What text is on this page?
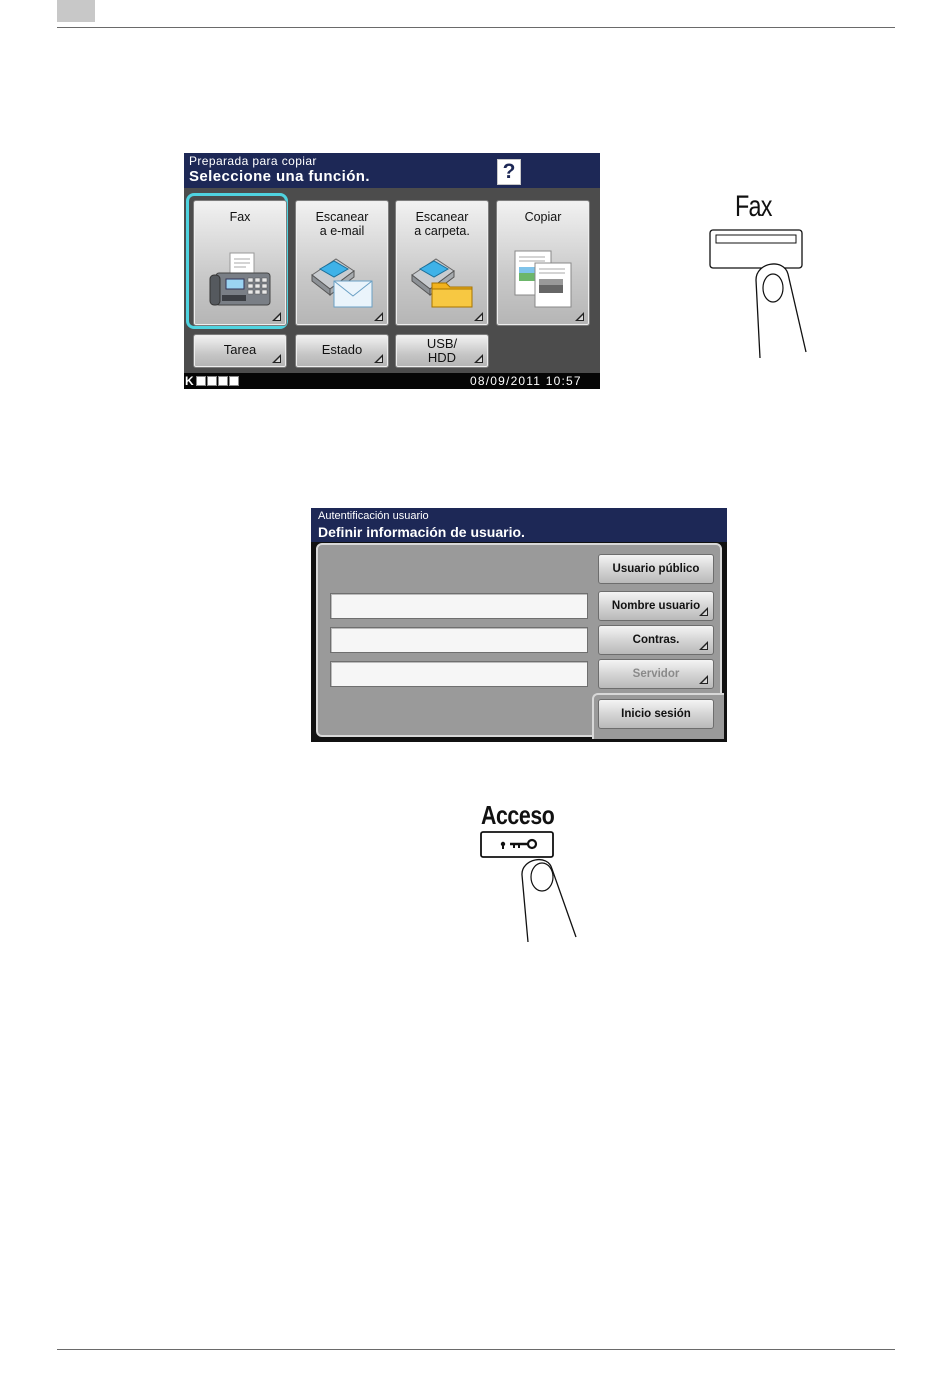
Preparada para copiar
Seleccione una función.	?
Fax	Escanear
a e-mail
Escanear
a carpeta.
Copiar
Tarea	Estado	USB/
HDD
K	08/09/2011 10:57
Fax
Autentificación usuario
Definir información de usuario.
Usuario público
Nombre usuario
Contras.
Servidor
Inicio sesión
Acceso
